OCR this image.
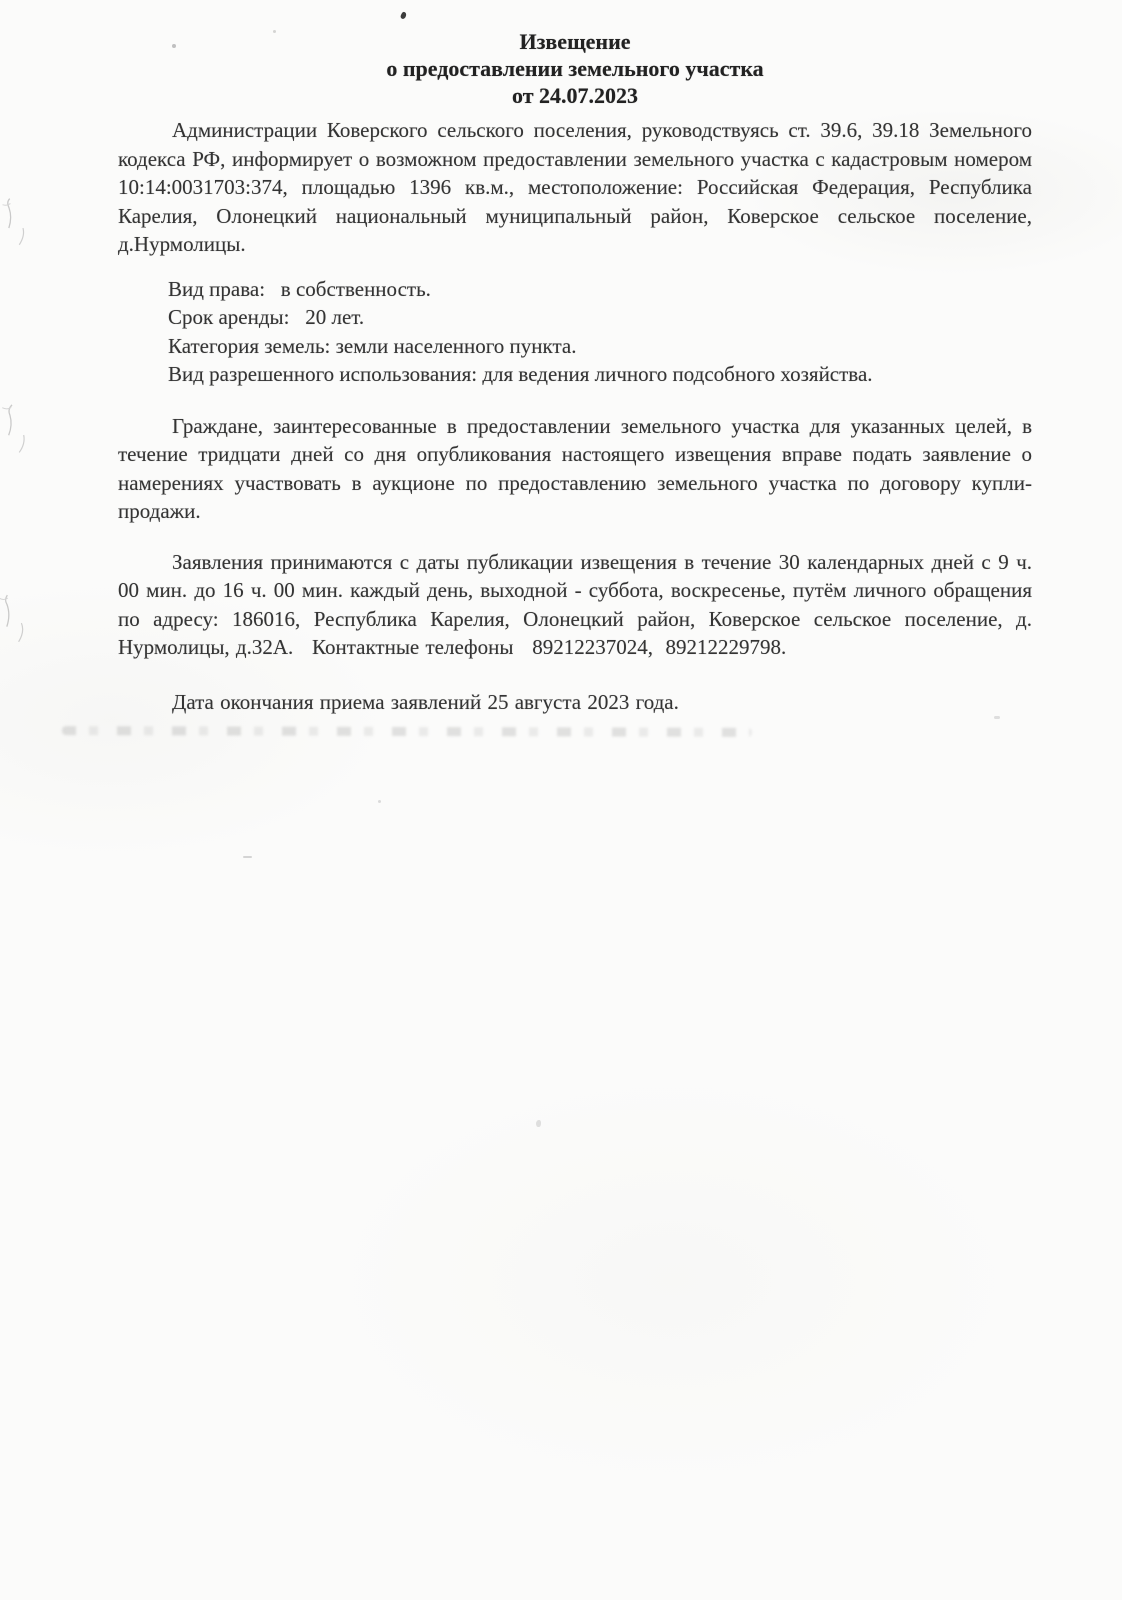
Извещение
о предоставлении земельного участка
от 24.07.2023

Администрации Коверского сельского поселения, руководствуясь ст. 39.6, 39.18 Земельного кодекса РФ, информирует о возможном предоставлении земельного участка с кадастровым номером 10:14:0031703:374, площадью 1396 кв.м., местоположение: Российская Федерация, Республика Карелия, Олонецкий национальный муниципальный район, Коверское сельское поселение, д.Нурмолицы.

Вид права:   в собственность.
Срок аренды:   20 лет.
Категория земель: земли населенного пункта.
Вид разрешенного использования: для ведения личного подсобного хозяйства.

Граждане, заинтересованные в предоставлении земельного участка для указанных целей, в течение тридцати дней со дня опубликования настоящего извещения вправе подать заявление о намерениях участвовать в аукционе по предоставлению земельного участка по договору купли-продажи.

Заявления принимаются с даты публикации извещения в течение 30 календарных дней с 9 ч. 00 мин. до 16 ч. 00 мин. каждый день, выходной - суббота, воскресенье, путём личного обращения по адресу: 186016, Республика Карелия, Олонецкий район, Коверское сельское поселение, д. Нурмолицы, д.32А.   Контактные телефоны   89212237024,  89212229798.

Дата окончания приема заявлений 25 августа 2023 года.
